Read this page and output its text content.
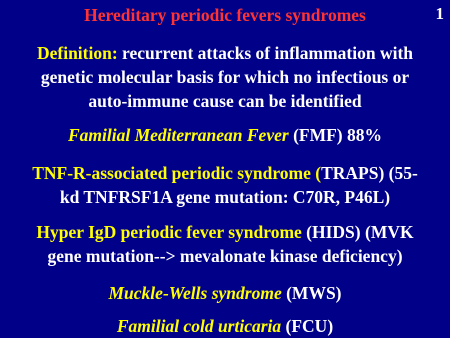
1
Hereditary periodic fevers syndromes
Definition: recurrent attacks of inflammation with
genetic molecular basis for which no infectious or
auto-immune cause can be identified
Familial Mediterranean Fever (FMF) 88%
TNF-R-associated periodic syndrome (TRAPS) (55-
kd TNFRSF1A gene mutation: C70R, P46L)
Hyper IgD periodic fever syndrome (HIDS) (MVK
gene mutation--> mevalonate kinase deficiency)
Muckle-Wells syndrome (MWS)
Familial cold urticaria (FCU)
